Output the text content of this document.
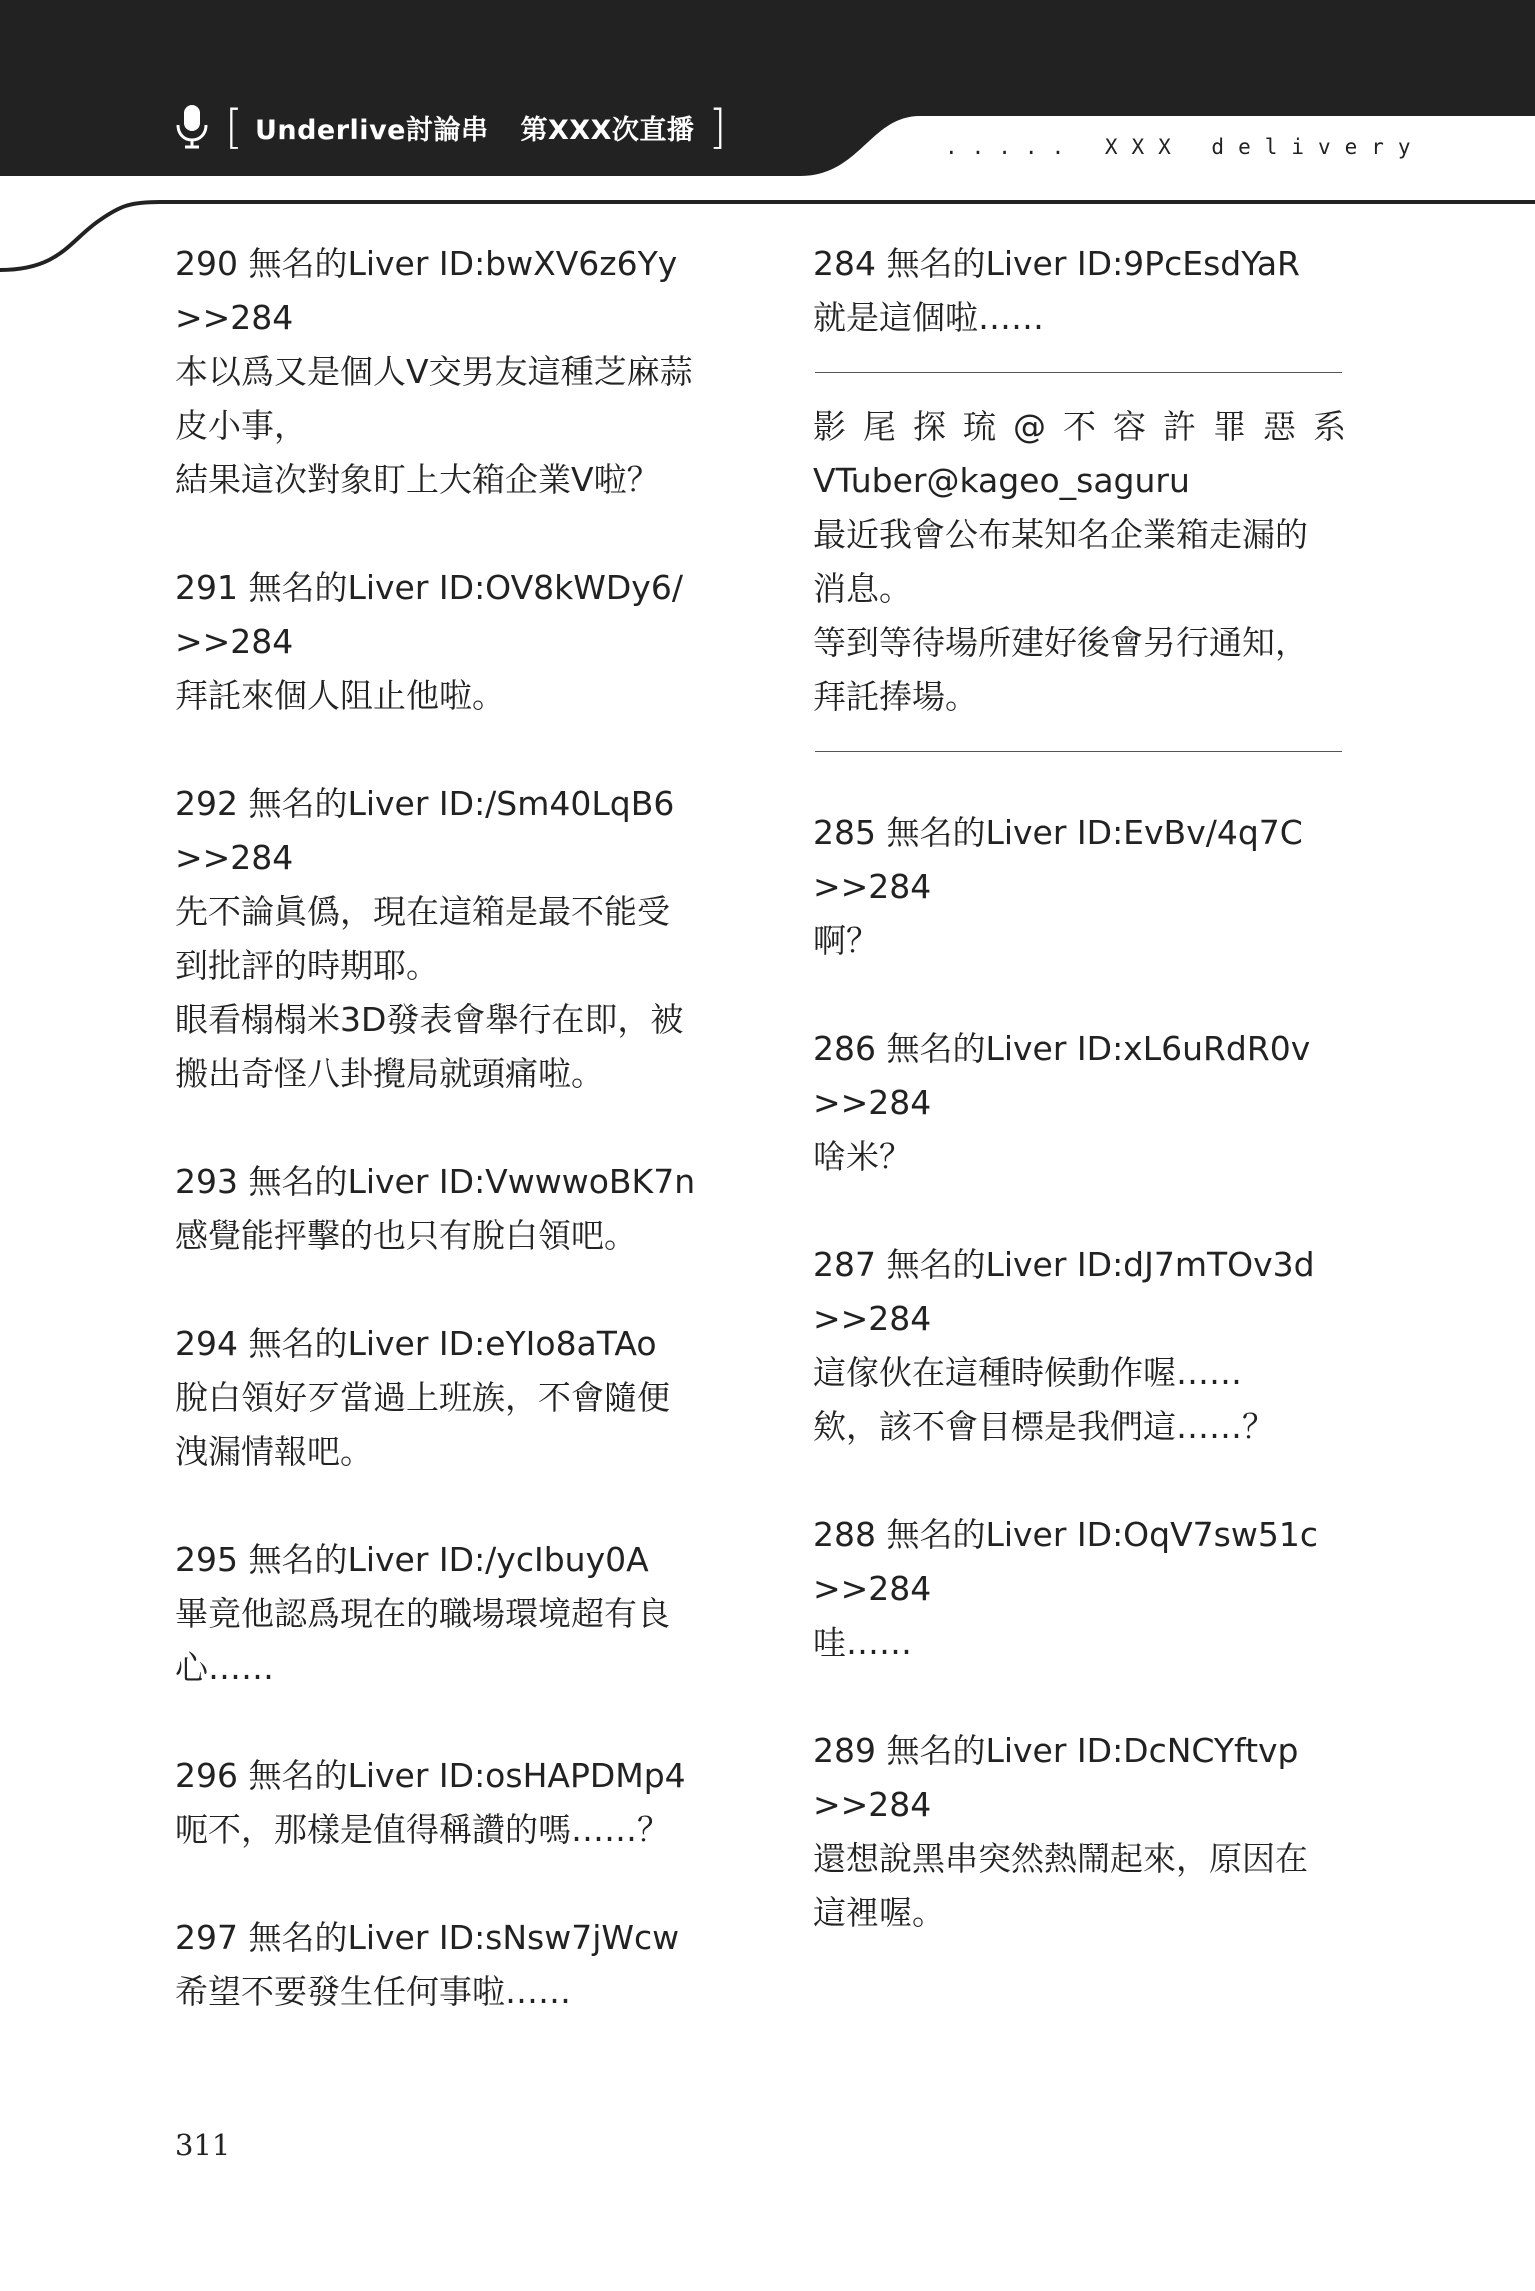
[ Underlive討論串 第XXX次直播 ]	..... XXX delivery
290 無名的Liver ID:bwXV6z6Yy
>>284
本以爲又是個人V交男友這種芝麻蒜
皮小事，
結果這次對象盯上大箱企業V啦？
291 無名的Liver ID:OV8kWDy6/
>>284
拜託來個人阻止他啦。
292 無名的Liver ID:/Sm40LqB6
>>284
先不論眞僞，現在這箱是最不能受
到批評的時期耶。
眼看榻榻米3D發表會舉行在即，被
搬出奇怪八卦攪局就頭痛啦。
293 無名的Liver ID:VwwwoBK7n
感覺能抨擊的也只有脫白領吧。
294 無名的Liver ID:eYIo8aTAo
脫白領好歹當過上班族，不會隨便
洩漏情報吧。
295 無名的Liver ID:/ycIbuy0A
畢竟他認爲現在的職場環境超有良
心……
296 無名的Liver ID:osHAPDMp4
呃不，那樣是值得稱讚的嗎……？
297 無名的Liver ID:sNsw7jWcw
希望不要發生任何事啦……
284 無名的Liver ID:9PcEsdYaR
就是這個啦……
影尾探琉@不容許罪惡系
VTuber@kageo_saguru
最近我會公布某知名企業箱走漏的
消息。
等到等待場所建好後會另行通知，
拜託捧場。
285 無名的Liver ID:EvBv/4q7C
>>284
啊？
286 無名的Liver ID:xL6uRdR0v
>>284
啥米？
287 無名的Liver ID:dJ7mTOv3d
>>284
這傢伙在這種時候動作喔……
欸，該不會目標是我們這……？
288 無名的Liver ID:OqV7sw51c
>>284
哇……
289 無名的Liver ID:DcNCYftvp
>>284
還想說黑串突然熱鬧起來，原因在
這裡喔。
311
